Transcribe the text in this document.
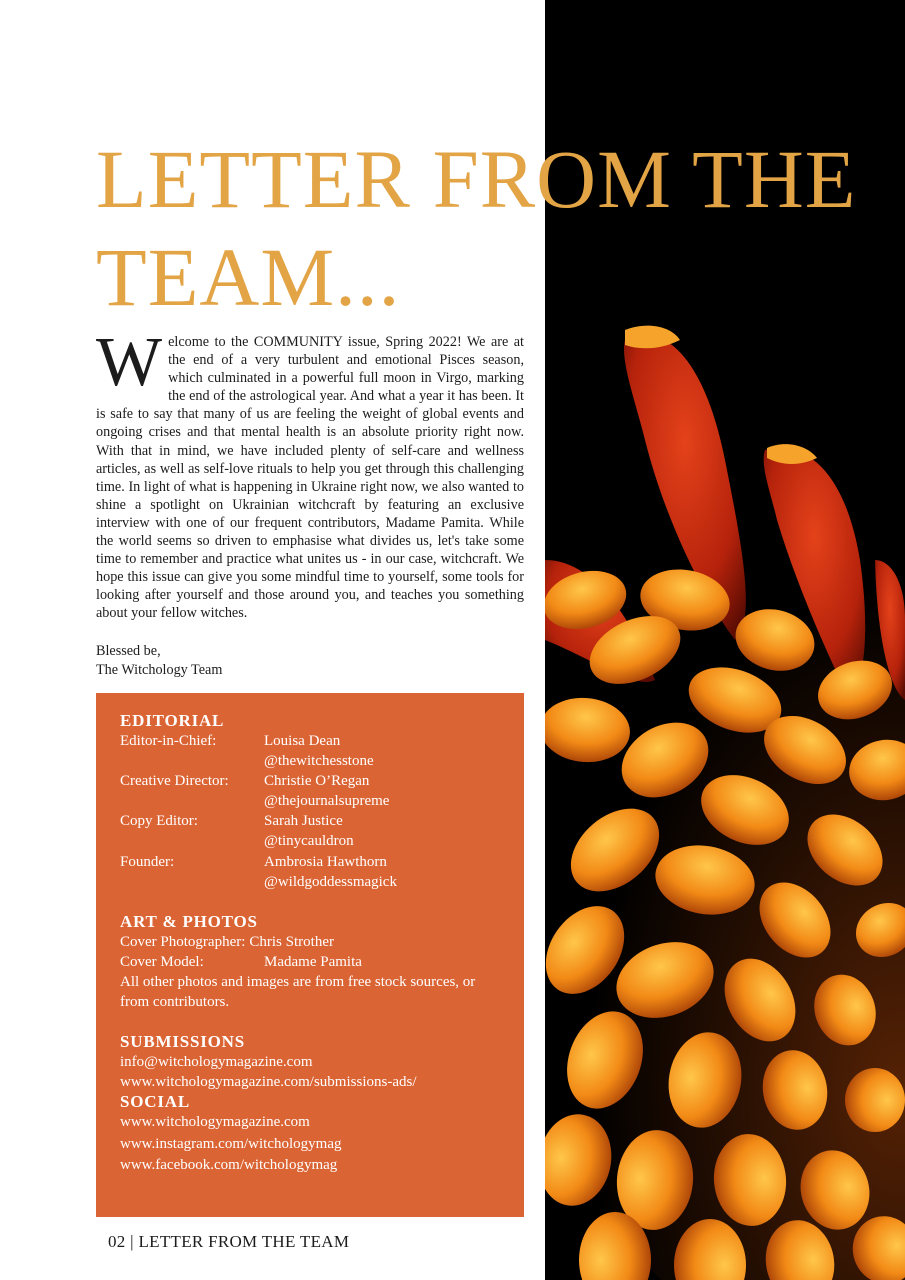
LETTER FROM THE
TEAM...

Welcome to the COMMUNITY issue, Spring 2022! We are at the end of a very turbulent and emotional Pisces season, which culminated in a powerful full moon in Virgo, marking the end of the astrological year. And what a year it has been. It is safe to say that many of us are feeling the weight of global events and ongoing crises and that mental health is an absolute priority right now. With that in mind, we have included plenty of self-care and wellness articles, as well as self-love rituals to help you get through this challenging time. In light of what is happening in Ukraine right now, we also wanted to shine a spotlight on Ukrainian witchcraft by featuring an exclusive interview with one of our frequent contributors, Madame Pamita. While the world seems so driven to emphasise what divides us, let's take some time to remember and practice what unites us - in our case, witchcraft. We hope this issue can give you some mindful time to yourself, some tools for looking after yourself and those around you, and teaches you something about your fellow witches.

Blessed be,
The Witchology Team

EDITORIAL

Editor-in-Chief:	Louisa Dean
@thewitchesstone
Creative Director:	Christie O’Regan
@thejournalsupreme
Copy Editor:	Sarah Justice
@tinycauldron
Founder:	Ambrosia Hawthorn
@wildgoddessmagick

ART & PHOTOS

Cover Photographer: Chris Strother
Cover Model:	Madame Pamita
All other photos and images are from free stock sources, or from contributors.

SUBMISSIONS

info@witchologymagazine.com
www.witchologymagazine.com/submissions-ads/

SOCIAL

www.witchologymagazine.com
www.instagram.com/witchologymag
www.facebook.com/witchologymag
02 | LETTER FROM THE TEAM
